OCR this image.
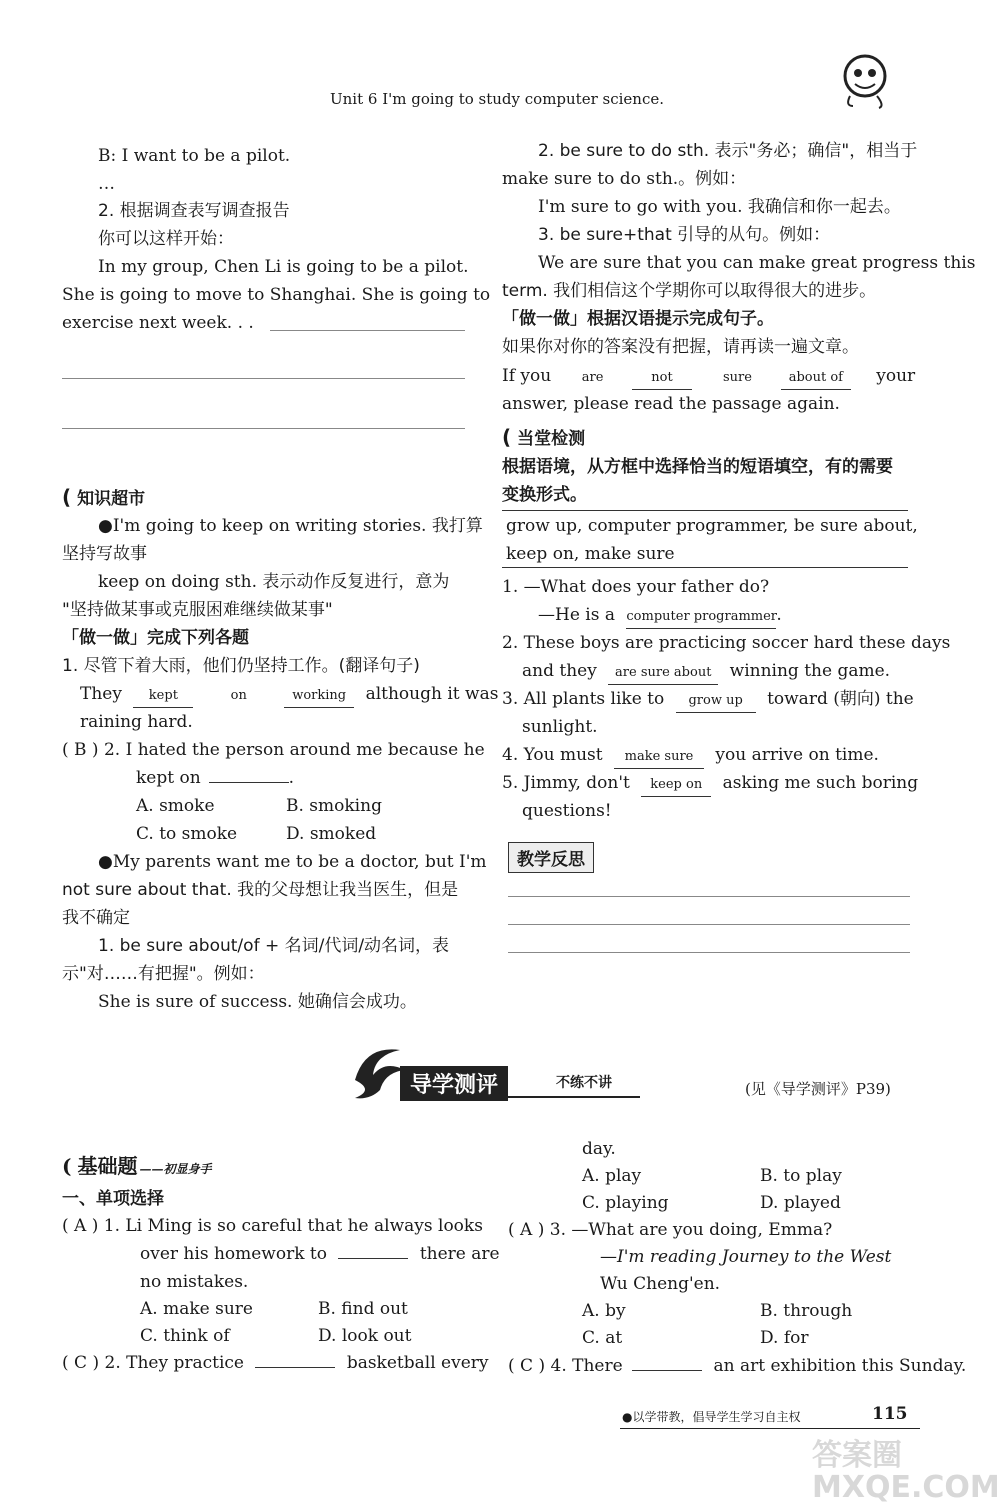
Unit 6 I'm going to study computer science.
B: I want to be a pilot.
…
2. 根据调查表写调查报告
你可以这样开始：
In my group, Chen Li is going to be a pilot.
She is going to move to Shanghai. She is going to
exercise next week. . .
( 知识超市
●I'm going to keep on writing stories. 我打算
坚持写故事
keep on doing sth. 表示动作反复进行，意为
"坚持做某事或克服困难继续做某事"
「做一做」完成下列各题
1. 尽管下着大雨，他们仍坚持工作。(翻译句子)
They kept	on	working although it was
raining hard.
( B ) 2. I hated the person around me because he
kept on	.
A. smoke	B. smoking
C. to smoke	D. smoked
●My parents want me to be a doctor, but I'm
not sure about that. 我的父母想让我当医生，但是
我不确定
1. be sure about/of + 名词/代词/动名词，表
示"对……有把握"。例如：
She is sure of success. 她确信会成功。
2. be sure to do sth. 表示"务必；确信"，相当于
make sure to do sth.。例如：
I'm sure to go with you. 我确信和你一起去。
3. be sure+that 引导的从句。例如：
We are sure that you can make great progress this
term. 我们相信这个学期你可以取得很大的进步。
「做一做」根据汉语提示完成句子。
如果你对你的答案没有把握，请再读一遍文章。
If you are	not	sure	about of your
answer, please read the passage again.
( 当堂检测
根据语境，从方框中选择恰当的短语填空，有的需要
变换形式。
grow up, computer programmer, be sure about,
keep on, make sure
1. —What does your father do?
—He is a computer programmer.
2. These boys are practicing soccer hard these days
and they are sure about winning the game.
3. All plants like to grow up toward (朝向) the
sunlight.
4. You must make sure you arrive on time.
5. Jimmy, don't keep on asking me such boring
questions!
教学反思
导学测评	不练不讲	(见《导学测评》P39)
( 基础题 ——初显身手
一、单项选择
( A ) 1. Li Ming is so careful that he always looks
over his homework to	there are
no mistakes.
A. make sure	B. find out
C. think of	D. look out
( C ) 2. They practice	basketball every
day.
A. play	B. to play
C. playing	D. played
( A ) 3. —What are you doing, Emma?
—I'm reading Journey to the West
Wu Cheng'en.
A. by	B. through
C. at	D. for
( C ) 4. There	an art exhibition this Sunday.
●以学带教，倡导学生学习自主权	115
答案圈 MXQE.COM
